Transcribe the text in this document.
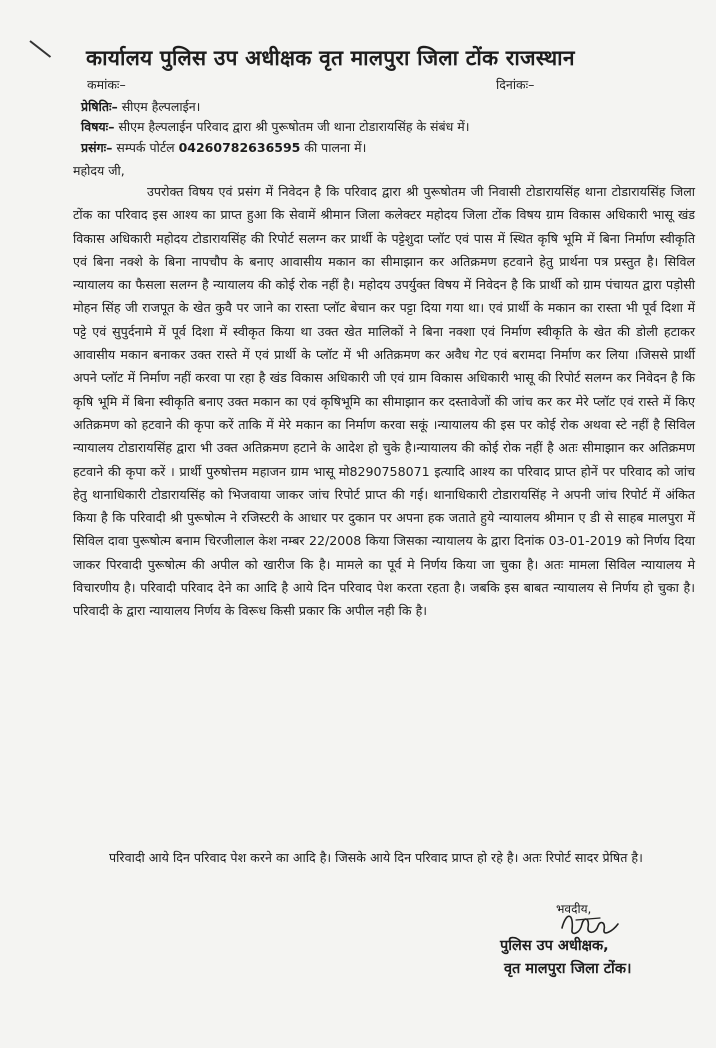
कार्यालय पुलिस उप अधीक्षक वृत मालपुरा जिला टोंक राजस्थान
कमांकः–	दिनांकः–
प्रेषितिः– सीएम हैल्पलाईन।
विषयः– सीएम हैल्पलाईन परिवाद द्वारा श्री पुरूषोतम जी थाना टोडारायसिंह के संबंध में।
प्रसंगः– सम्पर्क पोर्टल 04260782636595 की पालना में।
महोदय जी,

उपरोक्त विषय एवं प्रसंग में निवेदन है कि परिवाद द्वारा श्री पुरूषोतम जी निवासी टोडारायसिंह थाना टोडारायसिंह जिला टोंक का परिवाद इस आश्य का प्राप्त हुआ कि सेवामें श्रीमान जिला कलेक्टर महोदय जिला टोंक विषय ग्राम विकास अधिकारी भासू खंड विकास अधिकारी महोदय टोडारायसिंह की रिपोर्ट सलग्न कर प्रार्थी के पट्टेशुदा प्लॉट एवं पास में स्थित कृषि भूमि में बिना निर्माण स्वीकृति एवं बिना नक्शे के बिना नापचौप के बनाए आवासीय मकान का सीमाझान कर अतिक्रमण हटवाने हेतु प्रार्थना पत्र प्रस्तुत है। सिविल न्यायालय का फैसला सलग्न है न्यायालय की कोई रोक नहीं है। महोदय उपर्युक्त विषय में निवेदन है कि प्रार्थी को ग्राम पंचायत द्वारा पड़ोसी मोहन सिंह जी राजपूत के खेत कुवै पर जाने का रास्ता प्लॉट बेचान कर पट्टा दिया गया था। एवं प्रार्थी के मकान का रास्ता भी पूर्व दिशा में पट्टे एवं सुपुर्दनामे में पूर्व दिशा में स्वीकृत किया था उक्त खेत मालिकों ने बिना नक्शा एवं निर्माण स्वीकृति के खेत की डोली हटाकर आवासीय मकान बनाकर उक्त रास्ते में एवं प्रार्थी के प्लॉट में भी अतिक्रमण कर अवैध गेट एवं बरामदा निर्माण कर लिया ।जिससे प्रार्थी अपने प्लॉट में निर्माण नहीं करवा पा रहा है खंड विकास अधिकारी जी एवं ग्राम विकास अधिकारी भासू की रिपोर्ट सलग्न कर निवेदन है कि कृषि भूमि में बिना स्वीकृति बनाए उक्त मकान का एवं कृषिभूमि का सीमाझान कर दस्तावेजों की जांच कर कर मेरे प्लॉट एवं रास्ते में किए अतिक्रमण को हटवाने की कृपा करें ताकि में मेरे मकान का निर्माण करवा सकूं ।न्यायालय की इस पर कोई रोक अथवा स्टे नहीं है सिविल न्यायालय टोडारायसिंह द्वारा भी उक्त अतिक्रमण हटाने के आदेश हो चुके है।न्यायालय की कोई रोक नहीं है अतः सीमाझान कर अतिक्रमण हटवाने की कृपा करें । प्रार्थी पुरुषोत्तम महाजन ग्राम भासू मो8290758071 इत्यादि आश्य का परिवाद प्राप्त होनें पर परिवाद को जांच हेतु थानाधिकारी टोडारायसिंह को भिजवाया जाकर जांच रिपोर्ट प्राप्त की गई। थानाधिकारी टोडारायसिंह ने अपनी जांच रिपोर्ट में अंकित किया है कि परिवादी श्री पुरूषोत्म ने रजिस्टरी के आधार पर दुकान पर अपना हक जताते हुये न्यायालय श्रीमान ए डी से साहब मालपुरा में सिविल दावा पुरूषोत्म बनाम चिरजीलाल केश नम्बर 22/2008 किया जिसका न्यायालय के द्वारा दिनांक 03-01-2019 को निर्णय दिया जाकर पिरवादी पुरूषोत्म की अपील को खारीज कि है। मामले का पूर्व मे निर्णय किया जा चुका है। अतः मामला सिविल न्यायालय मे विचारणीय है। परिवादी परिवाद देने का आदि है आये दिन परिवाद पेश करता रहता है। जबकि इस बाबत न्यायालय से निर्णय हो चुका है। परिवादी के द्वारा न्यायालय निर्णय के विरूध किसी प्रकार कि अपील नही कि है।

परिवादी आये दिन परिवाद पेश करने का आदि है। जिसके आये दिन परिवाद प्राप्त हो रहे है। अतः रिपोर्ट सादर प्रेषित है।

भवदीय,
पुलिस उप अधीक्षक,
वृत मालपुरा जिला टोंक।
